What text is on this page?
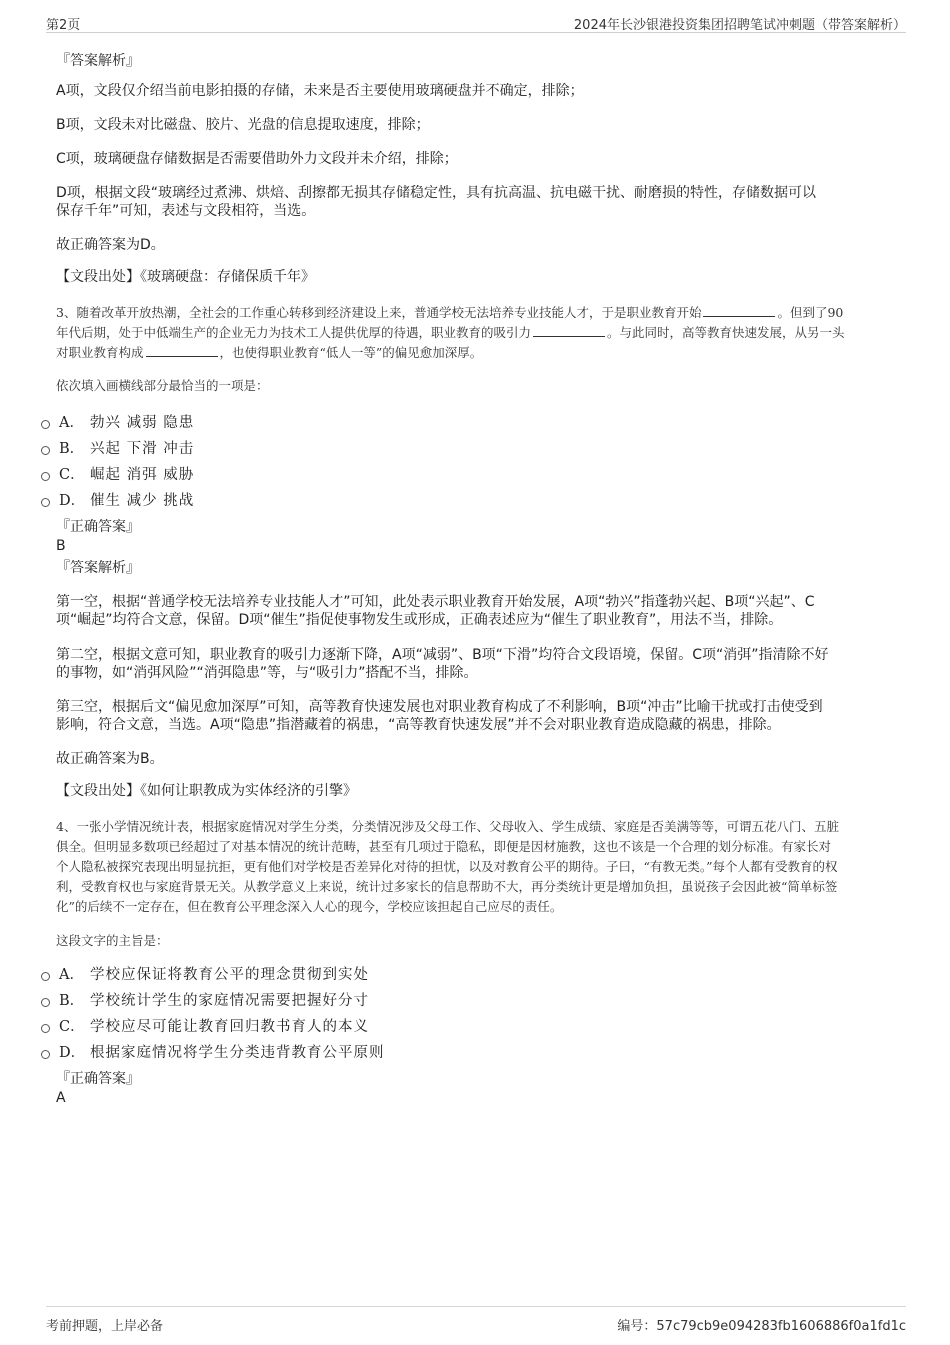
第2页	2024年长沙银港投资集团招聘笔试冲刺题（带答案解析）
『答案解析』
A项，文段仅介绍当前电影拍摄的存储，未来是否主要使用玻璃硬盘并不确定，排除；
B项，文段未对比磁盘、胶片、光盘的信息提取速度，排除；
C项，玻璃硬盘存储数据是否需要借助外力文段并未介绍，排除；
D项，根据文段“玻璃经过煮沸、烘焙、刮擦都无损其存储稳定性，具有抗高温、抗电磁干扰、耐磨损的特性，存储数据可以
保存千年”可知，表述与文段相符，当选。
故正确答案为D。
【文段出处】《玻璃硬盘：存储保质千年》
3、随着改革开放热潮，全社会的工作重心转移到经济建设上来，普通学校无法培养专业技能人才，于是职业教育开始	。但到了90
年代后期，处于中低端生产的企业无力为技术工人提供优厚的待遇，职业教育的吸引力	。与此同时，高等教育快速发展，从另一头
对职业教育构成	，也使得职业教育“低人一等”的偏见愈加深厚。
依次填入画横线部分最恰当的一项是：
A． 勃兴 减弱 隐患
B． 兴起 下滑 冲击
C． 崛起 消弭 威胁
D． 催生 减少 挑战
『正确答案』
B
『答案解析』
第一空，根据“普通学校无法培养专业技能人才”可知，此处表示职业教育开始发展，A项“勃兴”指蓬勃兴起、B项“兴起”、C
项“崛起”均符合文意，保留。D项“催生”指促使事物发生或形成，正确表述应为“催生了职业教育”，用法不当，排除。
第二空，根据文意可知，职业教育的吸引力逐渐下降，A项“减弱”、B项“下滑”均符合文段语境，保留。C项“消弭”指清除不好
的事物，如“消弭风险”“消弭隐患”等，与“吸引力”搭配不当，排除。
第三空，根据后文“偏见愈加深厚”可知，高等教育快速发展也对职业教育构成了不利影响，B项“冲击”比喻干扰或打击使受到
影响，符合文意，当选。A项“隐患”指潜藏着的祸患，“高等教育快速发展”并不会对职业教育造成隐藏的祸患，排除。
故正确答案为B。
【文段出处】《如何让职教成为实体经济的引擎》
4、一张小学情况统计表，根据家庭情况对学生分类，分类情况涉及父母工作、父母收入、学生成绩、家庭是否美满等等，可谓五花八门、五脏
俱全。但明显多数项已经超过了对基本情况的统计范畴，甚至有几项过于隐私，即便是因材施教，这也不该是一个合理的划分标准。有家长对
个人隐私被探究表现出明显抗拒，更有他们对学校是否差异化对待的担忧，以及对教育公平的期待。子曰，“有教无类。”每个人都有受教育的权
利，受教育权也与家庭背景无关。从教学意义上来说，统计过多家长的信息帮助不大，再分类统计更是增加负担，虽说孩子会因此被“简单标签
化”的后续不一定存在，但在教育公平理念深入人心的现今，学校应该担起自己应尽的责任。
这段文字的主旨是：
A． 学校应保证将教育公平的理念贯彻到实处
B． 学校统计学生的家庭情况需要把握好分寸
C． 学校应尽可能让教育回归教书育人的本义
D． 根据家庭情况将学生分类违背教育公平原则
『正确答案』
A
考前押题，上岸必备	编号：57c79cb9e094283fb1606886f0a1fd1c
